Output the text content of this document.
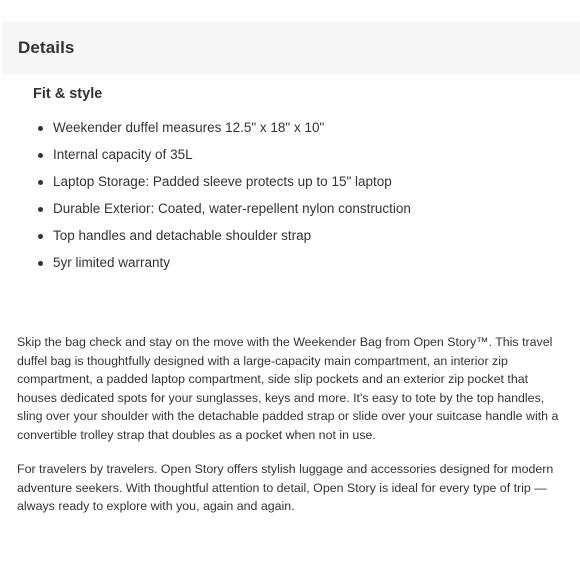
Details
Fit & style
Weekender duffel measures 12.5" x 18" x 10"
Internal capacity of 35L
Laptop Storage: Padded sleeve protects up to 15" laptop
Durable Exterior: Coated, water-repellent nylon construction
Top handles and detachable shoulder strap
5yr limited warranty

Skip the bag check and stay on the move with the Weekender Bag from Open Story™. This travel duffel bag is thoughtfully designed with a large-capacity main compartment, an interior zip compartment, a padded laptop compartment, side slip pockets and an exterior zip pocket that houses dedicated spots for your sunglasses, keys and more. It's easy to tote by the top handles, sling over your shoulder with the detachable padded strap or slide over your suitcase handle with a convertible trolley strap that doubles as a pocket when not in use.

For travelers by travelers. Open Story offers stylish luggage and accessories designed for modern adventure seekers. With thoughtful attention to detail, Open Story is ideal for every type of trip — always ready to explore with you, again and again.
